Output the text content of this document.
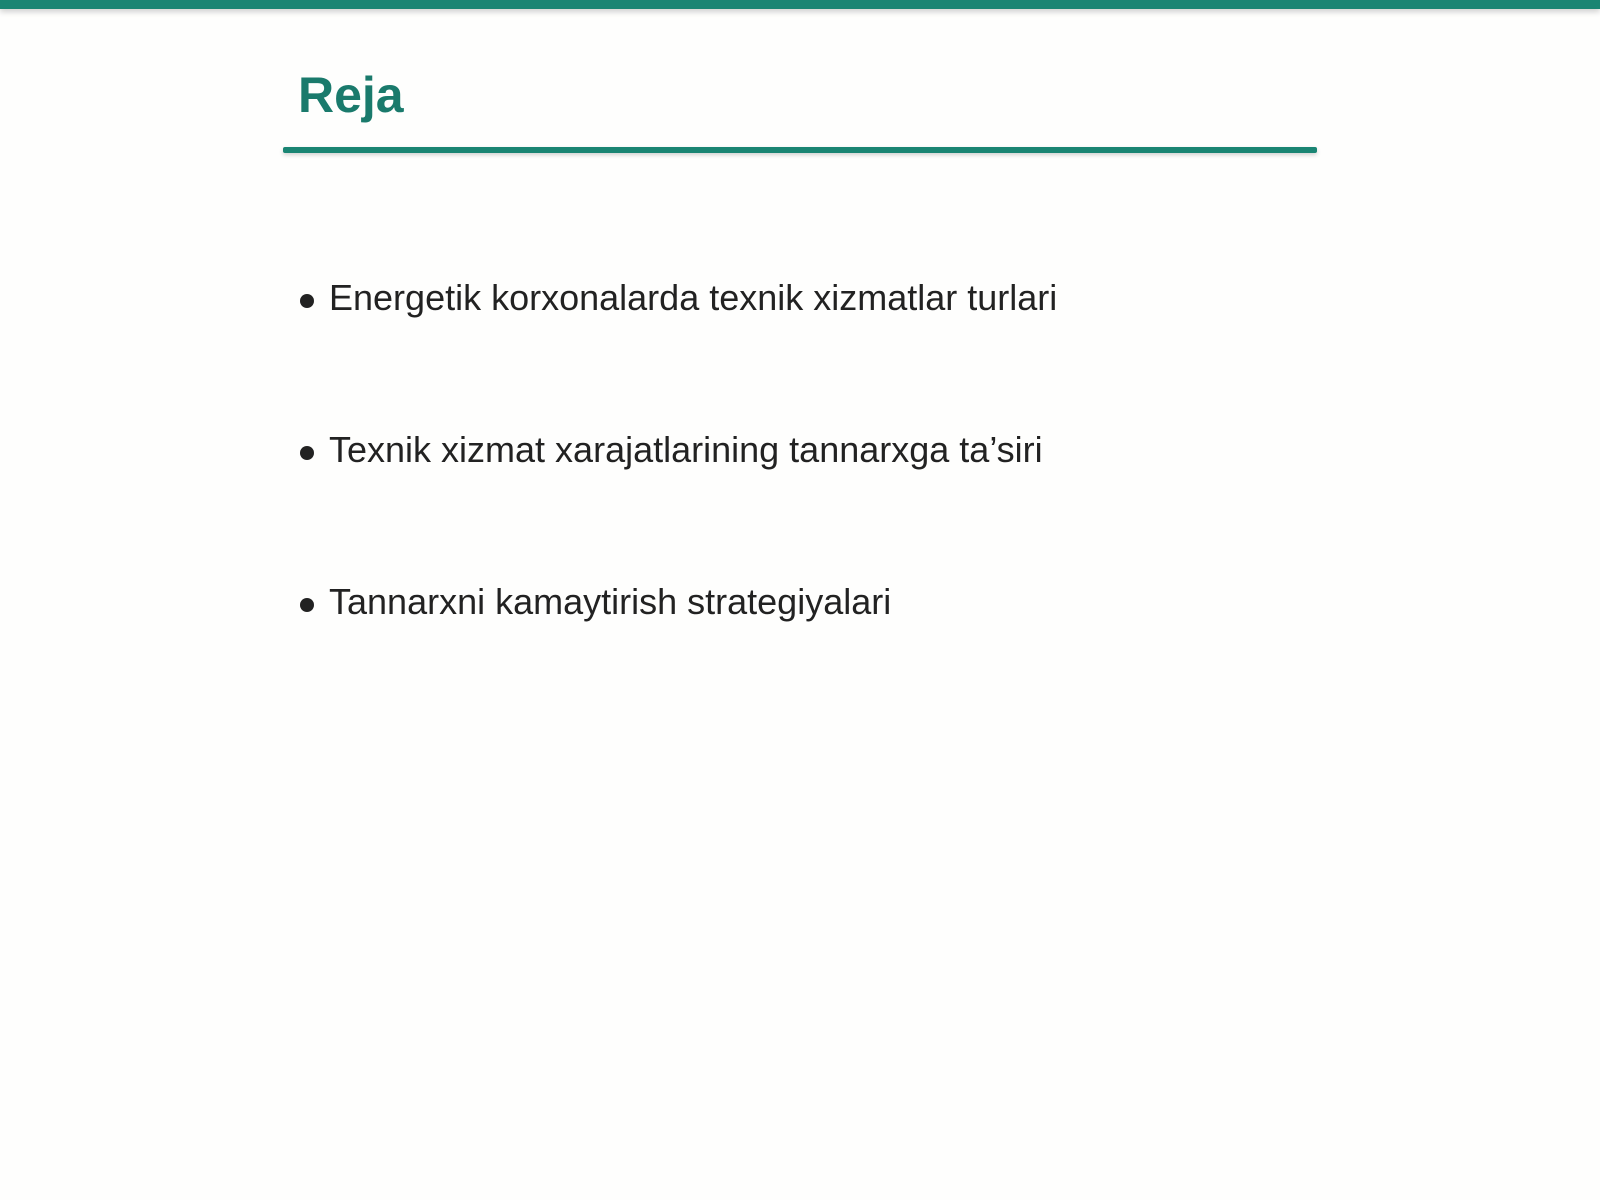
Reja
Energetik korxonalarda texnik xizmatlar turlari
Texnik xizmat xarajatlarining tannarxga ta’siri
Tannarxni kamaytirish strategiyalari
